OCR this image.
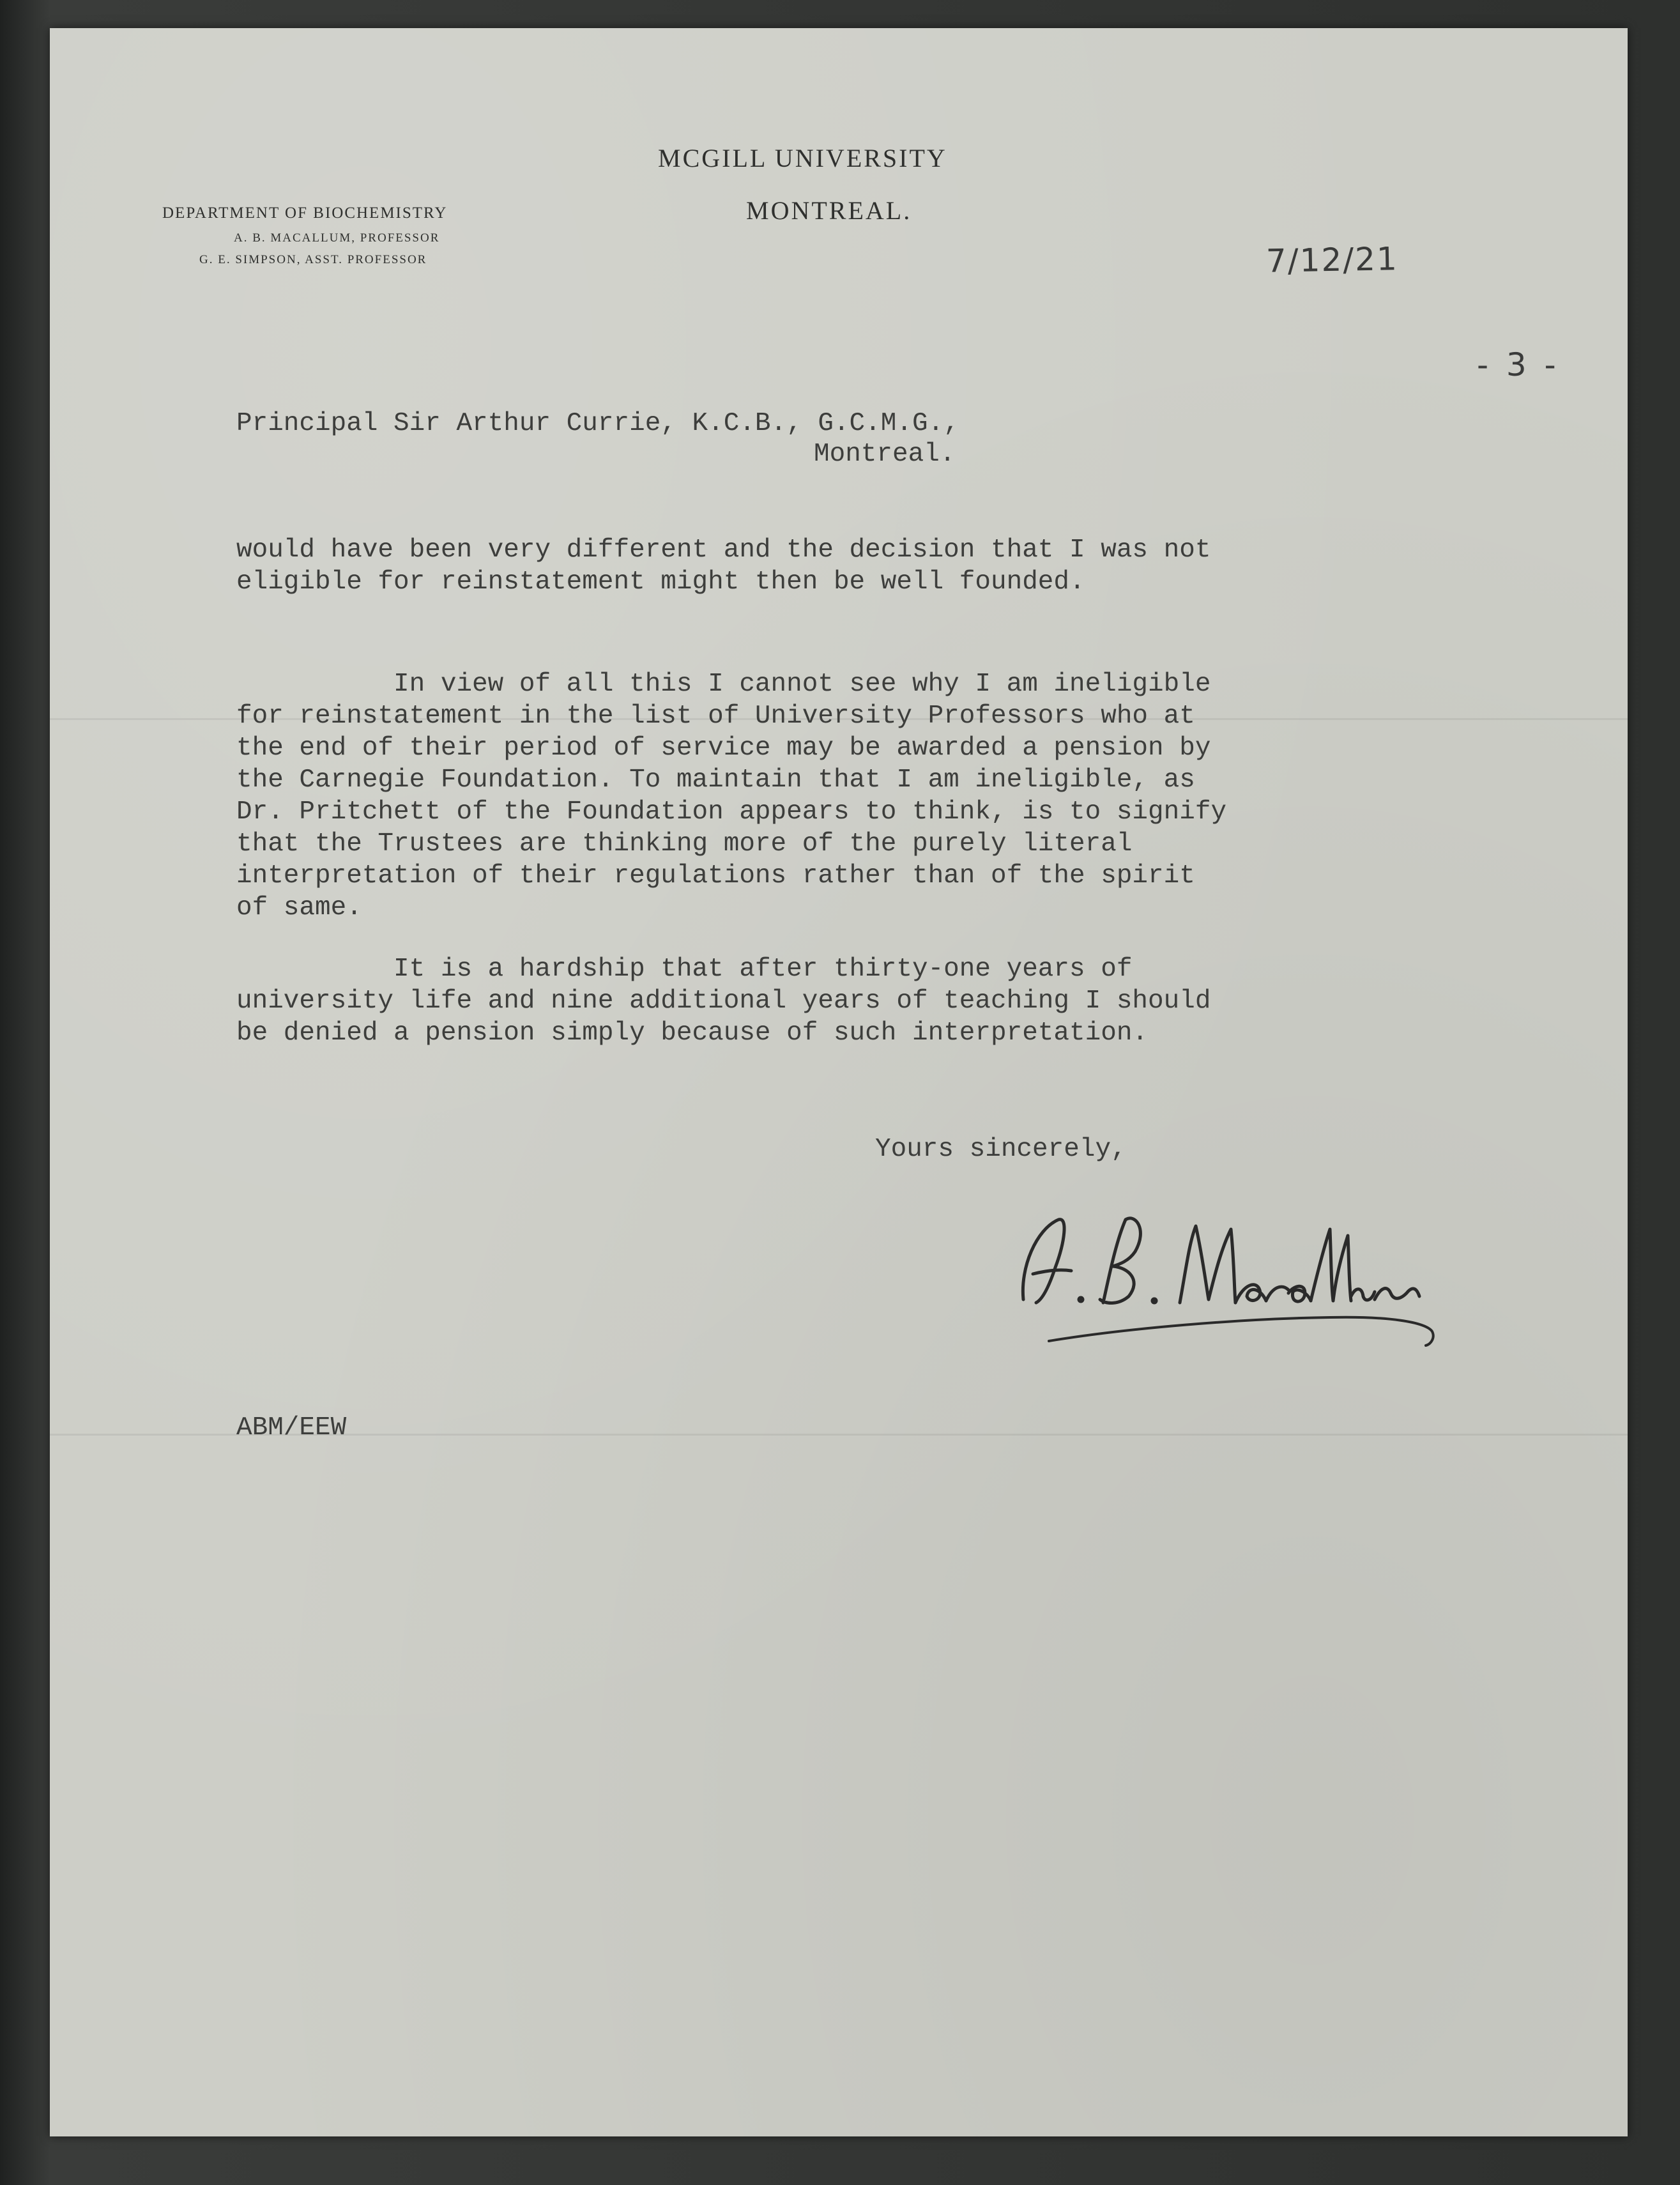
MCGILL UNIVERSITY
MONTREAL.
DEPARTMENT OF BIOCHEMISTRY
A. B. MACALLUM, PROFESSOR
G. E. SIMPSON, ASST. PROFESSOR	7/12/21
- 3 -
Principal Sir Arthur Currie, K.C.B., G.C.M.G.,
Montreal.
would have been very different and the decision that I was not
eligible for reinstatement might then be well founded.
In view of all this I cannot see why I am ineligible
for reinstatement in the list of University Professors who at
the end of their period of service may be awarded a pension by
the Carnegie Foundation. To maintain that I am ineligible, as
Dr. Pritchett of the Foundation appears to think, is to signify
that the Trustees are thinking more of the purely literal
interpretation of their regulations rather than of the spirit
of same.
It is a hardship that after thirty-one years of
university life and nine additional years of teaching I should
be denied a pension simply because of such interpretation.
Yours sincerely,
ABM/EEW
